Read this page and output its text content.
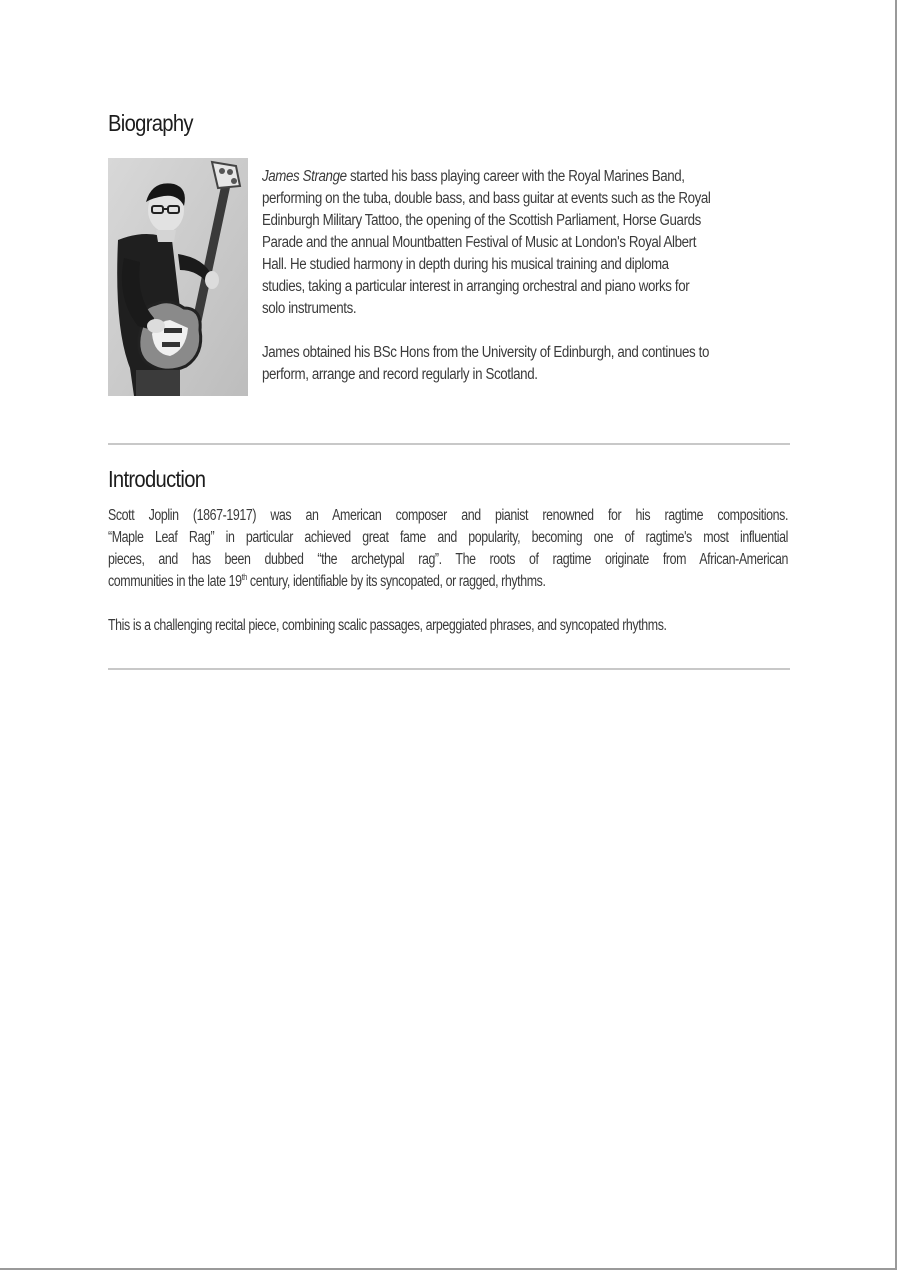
Biography
James Strange started his bass playing career with the Royal Marines Band,
performing on the tuba, double bass, and bass guitar at events such as the Royal
Edinburgh Military Tattoo, the opening of the Scottish Parliament, Horse Guards
Parade and the annual Mountbatten Festival of Music at London's Royal Albert
Hall. He studied harmony in depth during his musical training and diploma
studies, taking a particular interest in arranging orchestral and piano works for
solo instruments.
James obtained his BSc Hons from the University of Edinburgh, and continues to
perform, arrange and record regularly in Scotland.
Introduction
Scott Joplin (1867-1917) was an American composer and pianist renowned for his ragtime compositions.
“Maple Leaf Rag” in particular achieved great fame and popularity, becoming one of ragtime's most influential
pieces, and has been dubbed “the archetypal rag”. The roots of ragtime originate from African-American
communities in the late 19th century, identifiable by its syncopated, or ragged, rhythms.
This is a challenging recital piece, combining scalic passages, arpeggiated phrases, and syncopated rhythms.
